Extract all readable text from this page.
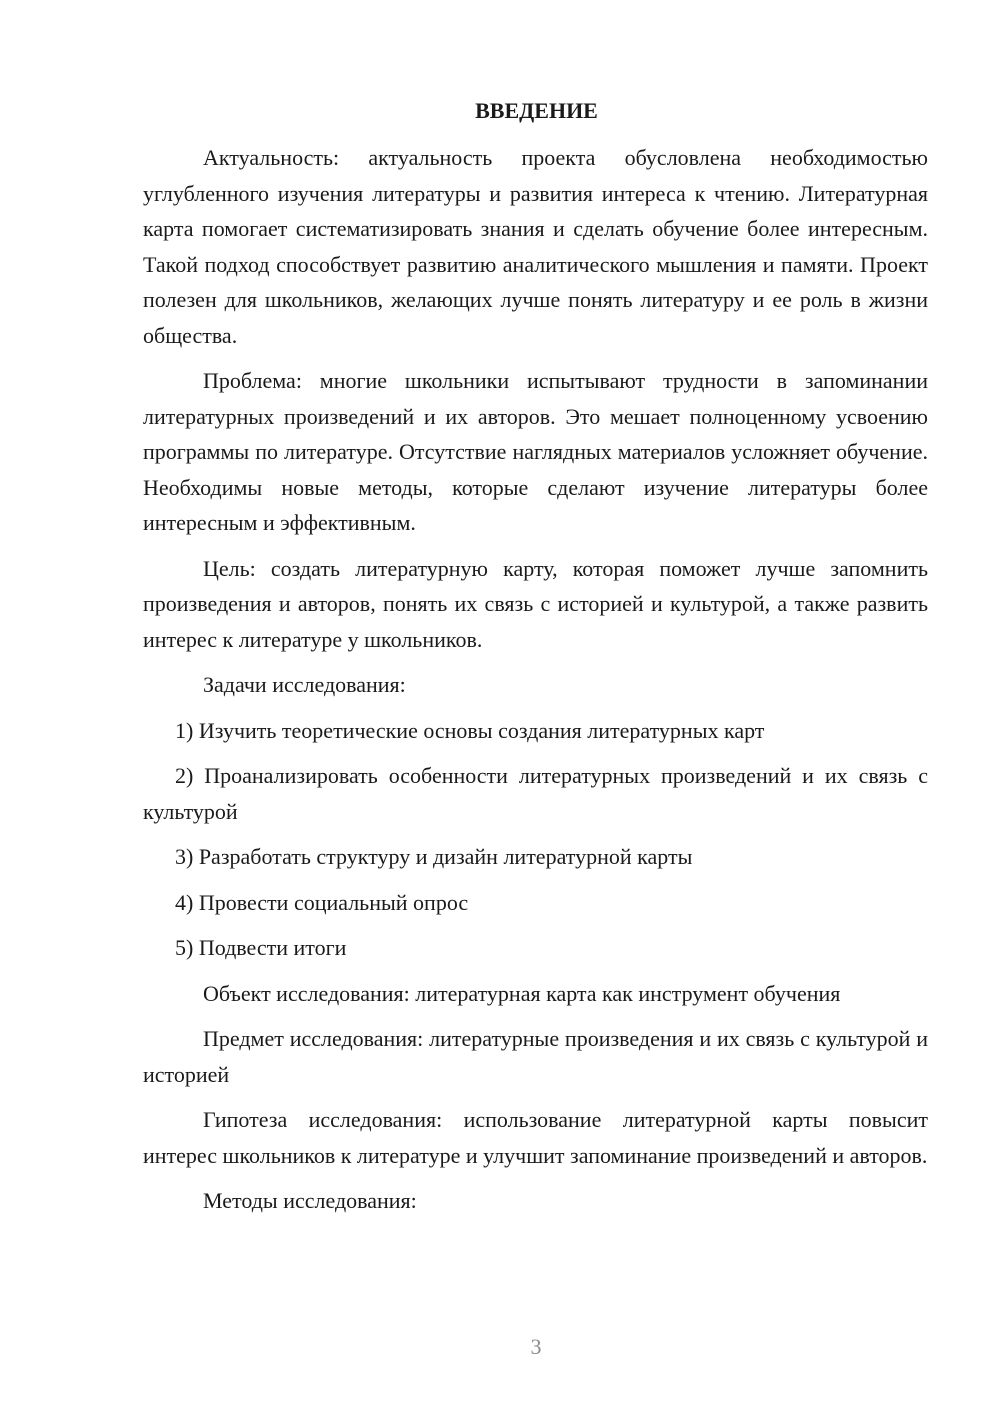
ВВЕДЕНИЕ

Актуальность: актуальность проекта обусловлена необходимостью углубленного изучения литературы и развития интереса к чтению. Литературная карта помогает систематизировать знания и сделать обучение более интересным. Такой подход способствует развитию аналитического мышления и памяти. Проект полезен для школьников, желающих лучше понять литературу и ее роль в жизни общества.

Проблема: многие школьники испытывают трудности в запоминании литературных произведений и их авторов. Это мешает полноценному усвоению программы по литературе. Отсутствие наглядных материалов усложняет обучение. Необходимы новые методы, которые сделают изучение литературы более интересным и эффективным.

Цель: создать литературную карту, которая поможет лучше запомнить произведения и авторов, понять их связь с историей и культурой, а также развить интерес к литературе у школьников.

Задачи исследования:

1) Изучить теоретические основы создания литературных карт

2) Проанализировать особенности литературных произведений и их связь с культурой

3) Разработать структуру и дизайн литературной карты

4) Провести социальный опрос

5) Подвести итоги

Объект исследования: литературная карта как инструмент обучения

Предмет исследования: литературные произведения и их связь с культурой и историей

Гипотеза исследования: использование литературной карты повысит интерес школьников к литературе и улучшит запоминание произведений и авторов.

Методы исследования:

3
